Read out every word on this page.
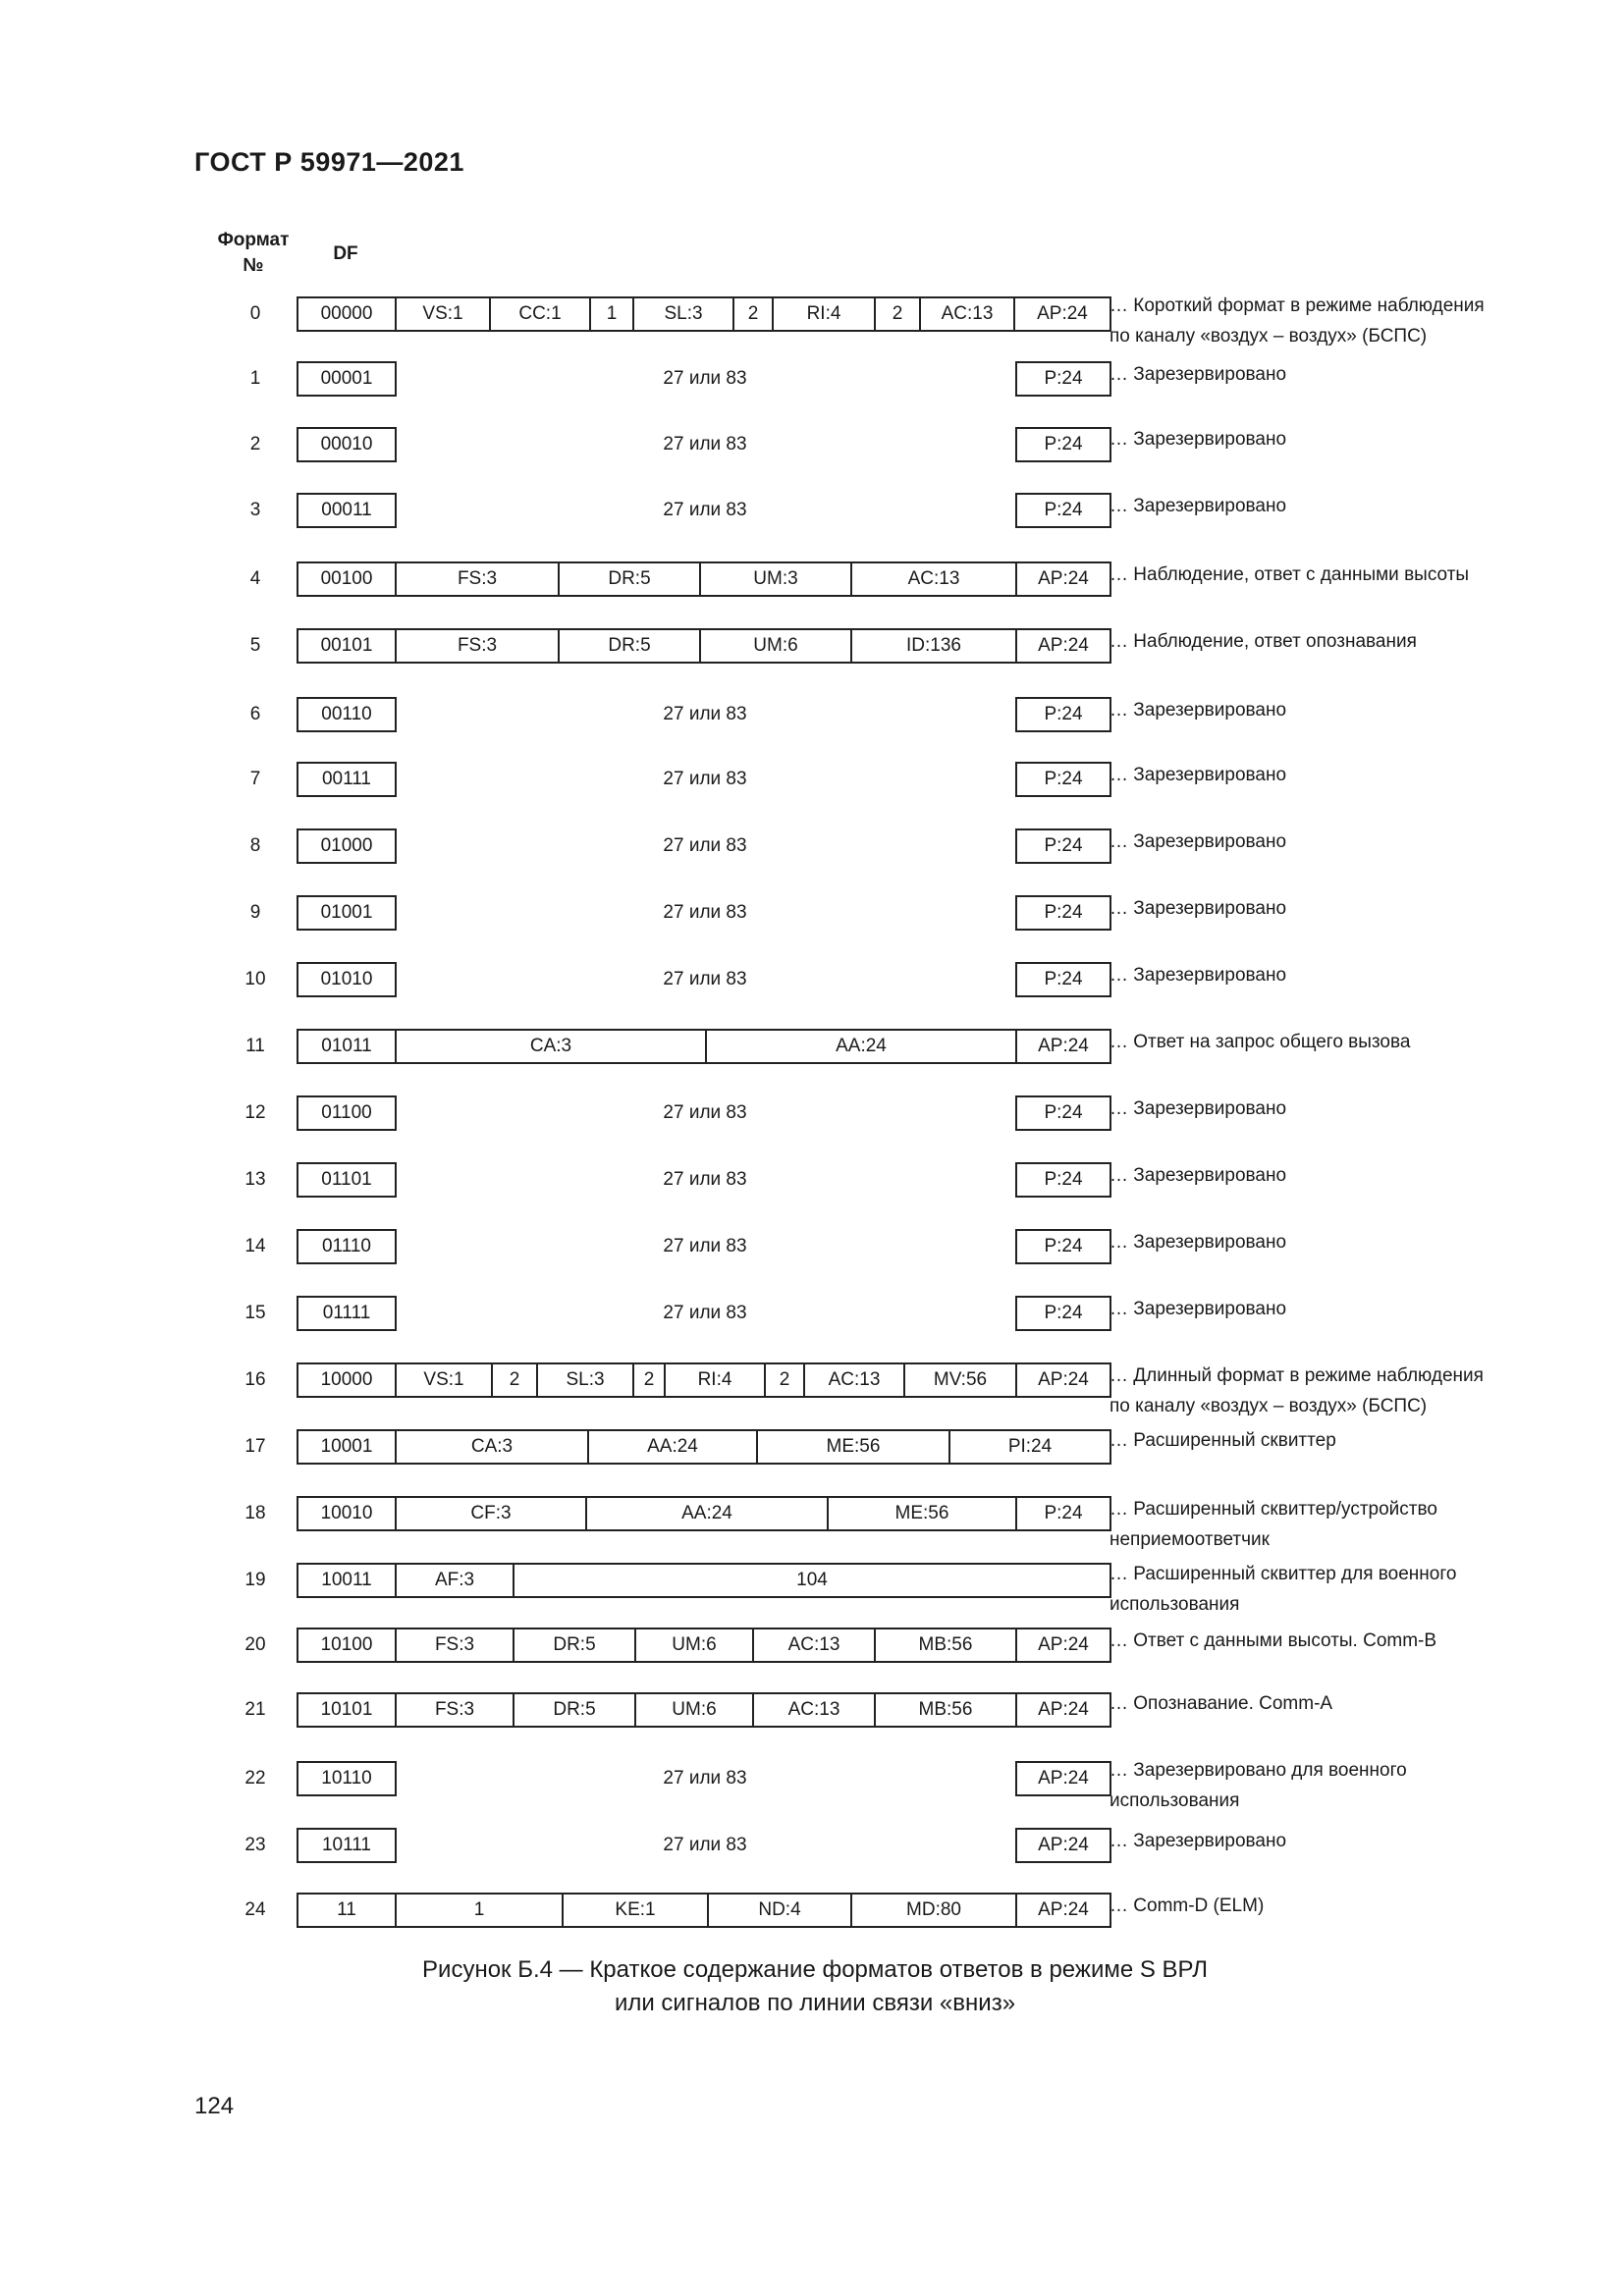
ГОСТ Р 59971—2021
Формат
№
DF
0	00000	VS:1	CC:1	1	SL:3	2	RI:4	2	AC:13	AP:24	… Короткий формат в режиме наблюдения
по каналу «воздух – воздух» (БСПС)
1	00001	27 или 83	P:24	… Зарезервировано
2	00010	27 или 83	P:24	… Зарезервировано
3	00011	27 или 83	P:24	… Зарезервировано
4	00100	FS:3	DR:5	UM:3	AC:13	AP:24	… Наблюдение, ответ с данными высоты
5	00101	FS:3	DR:5	UM:6	ID:136	AP:24	… Наблюдение, ответ опознавания
6	00110	27 или 83	P:24	… Зарезервировано
7	00111	27 или 83	P:24	… Зарезервировано
8	01000	27 или 83	P:24	… Зарезервировано
9	01001	27 или 83	P:24	… Зарезервировано
10	01010	27 или 83	P:24	… Зарезервировано
11	01011	CA:3	AA:24	AP:24	… Ответ на запрос общего вызова
12	01100	27 или 83	P:24	… Зарезервировано
13	01101	27 или 83	P:24	… Зарезервировано
14	01110	27 или 83	P:24	… Зарезервировано
15	01111	27 или 83	P:24	… Зарезервировано
16	10000	VS:1	2	SL:3	2	RI:4	2	AC:13	MV:56	AP:24	… Длинный формат в режиме наблюдения
по каналу «воздух – воздух» (БСПС)
17	10001	CA:3	AA:24	ME:56	PI:24	… Расширенный сквиттер
18	10010	CF:3	AA:24	ME:56	P:24	… Расширенный сквиттер/устройство
неприемоответчик
19	10011	AF:3	104	… Расширенный сквиттер для военного
использования
20	10100	FS:3	DR:5	UM:6	AC:13	MB:56	AP:24	… Ответ с данными высоты. Comm-B
21	10101	FS:3	DR:5	UM:6	AC:13	MB:56	AP:24	… Опознавание. Comm-A
22	10110	27 или 83	AP:24	… Зарезервировано для военного
использования
23	10111	27 или 83	AP:24	… Зарезервировано
24	11	1	KE:1	ND:4	MD:80	AP:24	… Comm-D (ELM)
Рисунок Б.4 — Краткое содержание форматов ответов в режиме S ВРЛ
или сигналов по линии связи «вниз»
124
